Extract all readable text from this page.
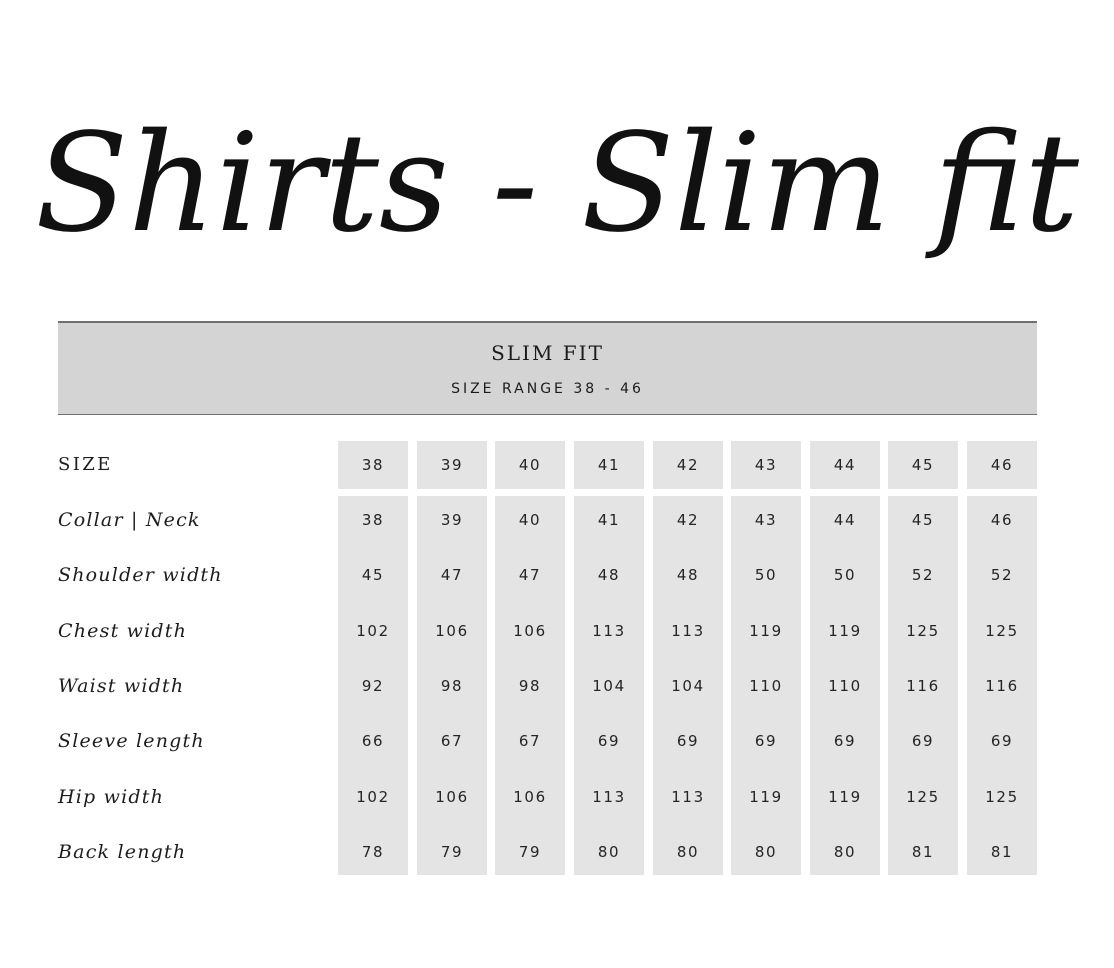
Shirts - Slim fit
SLIM FIT
SIZE RANGE 38 - 46
SIZE	38	39	40	41	42	43	44	45	46
Collar | Neck	38	39	40	41	42	43	44	45	46
Shoulder width	45	47	47	48	48	50	50	52	52
Chest width	102	106	106	113	113	119	119	125	125
Waist width	92	98	98	104	104	110	110	116	116
Sleeve length	66	67	67	69	69	69	69	69	69
Hip width	102	106	106	113	113	119	119	125	125
Back length	78	79	79	80	80	80	80	81	81
